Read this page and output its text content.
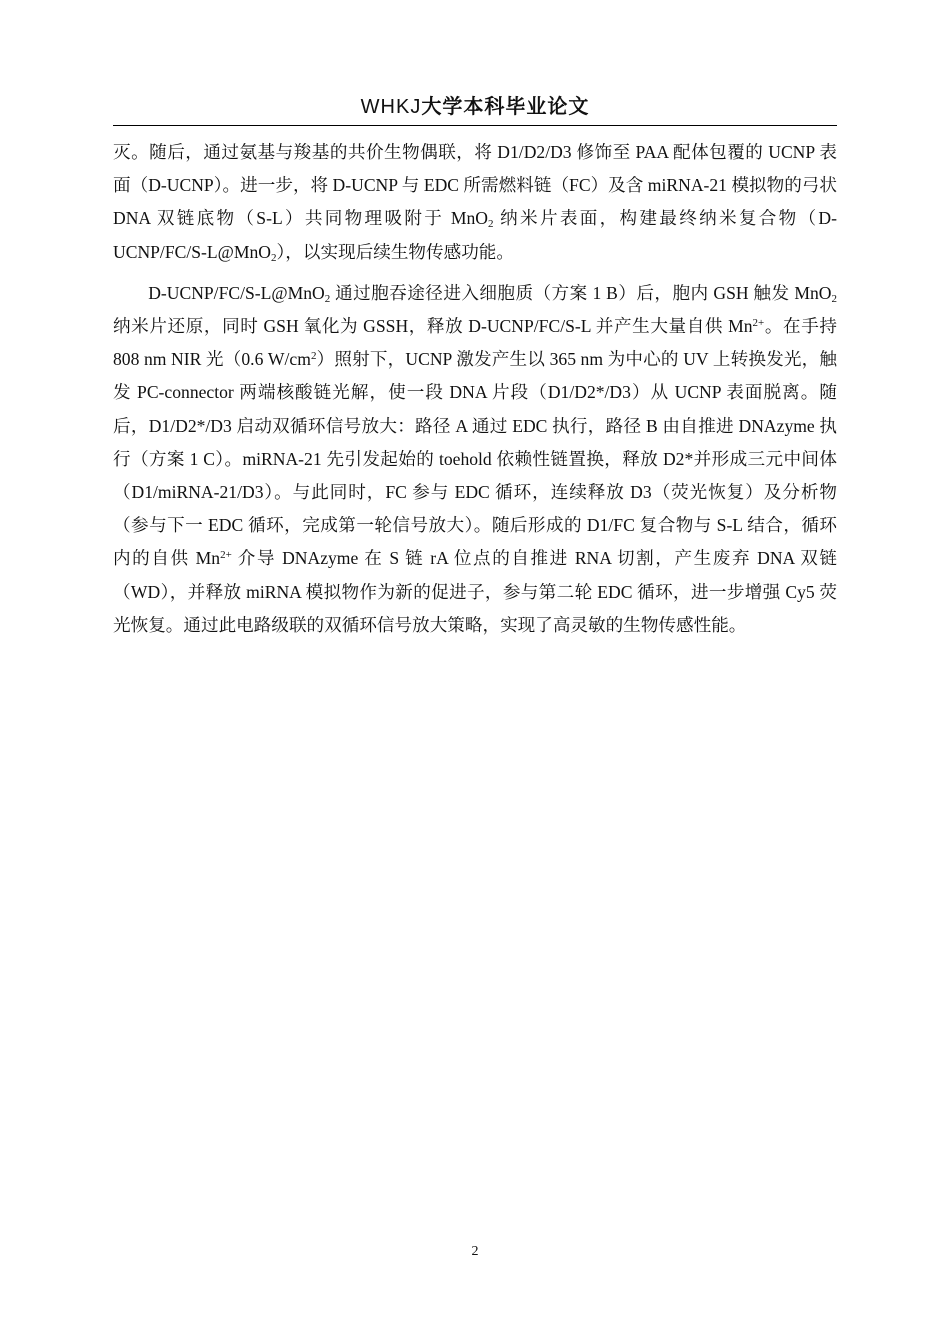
WHKJ大学本科毕业论文

灭。随后，通过氨基与羧基的共价生物偶联，将 D1/D2/D3 修饰至 PAA 配体包覆的 UCNP 表面（D-UCNP）。进一步，将 D-UCNP 与 EDC 所需燃料链（FC）及含 miRNA-21 模拟物的弓状 DNA 双链底物（S-L）共同物理吸附于 MnO$_2$ 纳米片表面，构建最终纳米复合物（D-UCNP/FC/S-L@MnO$_2$），以实现后续生物传感功能。

D-UCNP/FC/S-L@MnO$_2$ 通过胞吞途径进入细胞质（方案 1 B）后，胞内 GSH 触发 MnO$_2$ 纳米片还原，同时 GSH 氧化为 GSSH，释放 D-UCNP/FC/S-L 并产生大量自供 $Mn^{2+}$。在手持 808 nm NIR 光（0.6 $W/cm^2$）照射下，UCNP 激发产生以 365 nm 为中心的 UV 上转换发光，触发 PC-connector 两端核酸链光解，使一段 DNA 片段（D1/D2*/D3）从 UCNP 表面脱离。随后，D1/D2*/D3 启动双循环信号放大：路径 A 通过 EDC 执行，路径 B 由自推进 DNAzyme 执行（方案 1 C）。miRNA-21 先引发起始的 toehold 依赖性链置换，释放 D2*并形成三元中间体（D1/miRNA-21/D3）。与此同时，FC 参与 EDC 循环，连续释放 D3（荧光恢复）及分析物（参与下一 EDC 循环，完成第一轮信号放大）。随后形成的 D1/FC 复合物与 S-L 结合，循环内的自供 $Mn^{2+}$ 介导 DNAzyme 在 S 链 rA 位点的自推进 RNA 切割，产生废弃 DNA 双链（WD），并释放 miRNA 模拟物作为新的促进子，参与第二轮 EDC 循环，进一步增强 Cy5 荧光恢复。通过此电路级联的双循环信号放大策略，实现了高灵敏的生物传感性能。

2
